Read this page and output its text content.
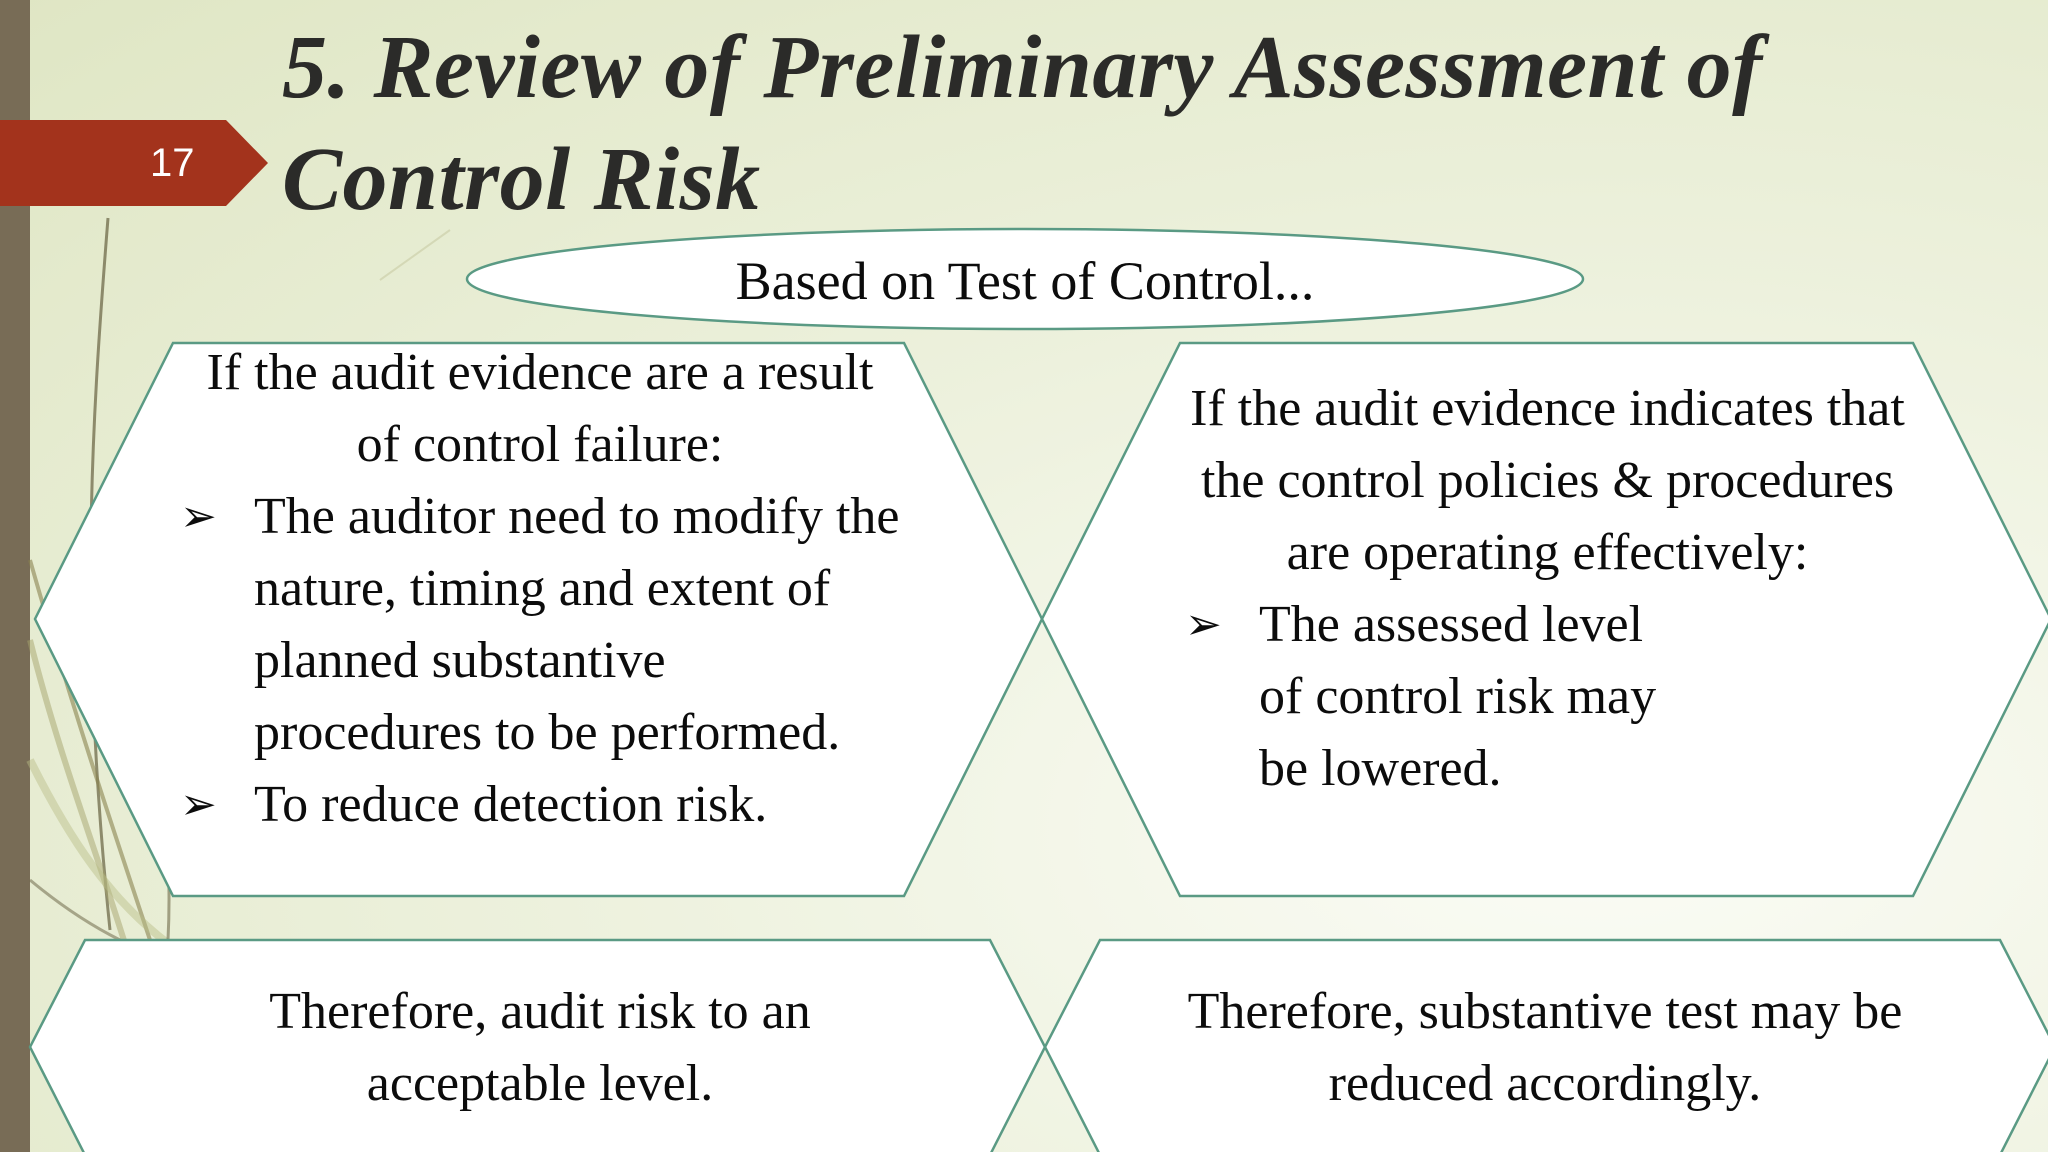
17
5. Review of Preliminary Assessment of Control Risk
Based on Test of Control...
If the audit evidence are a result of control failure:
➢ The auditor need to modify the nature, timing and extent of planned substantive procedures to be performed.
➢ To reduce detection risk.
If the audit evidence indicates that the control policies & procedures are operating effectively:
➢ The assessed level of control risk may be lowered.
Therefore, audit risk to an acceptable level.
Therefore, substantive test may be reduced accordingly.
